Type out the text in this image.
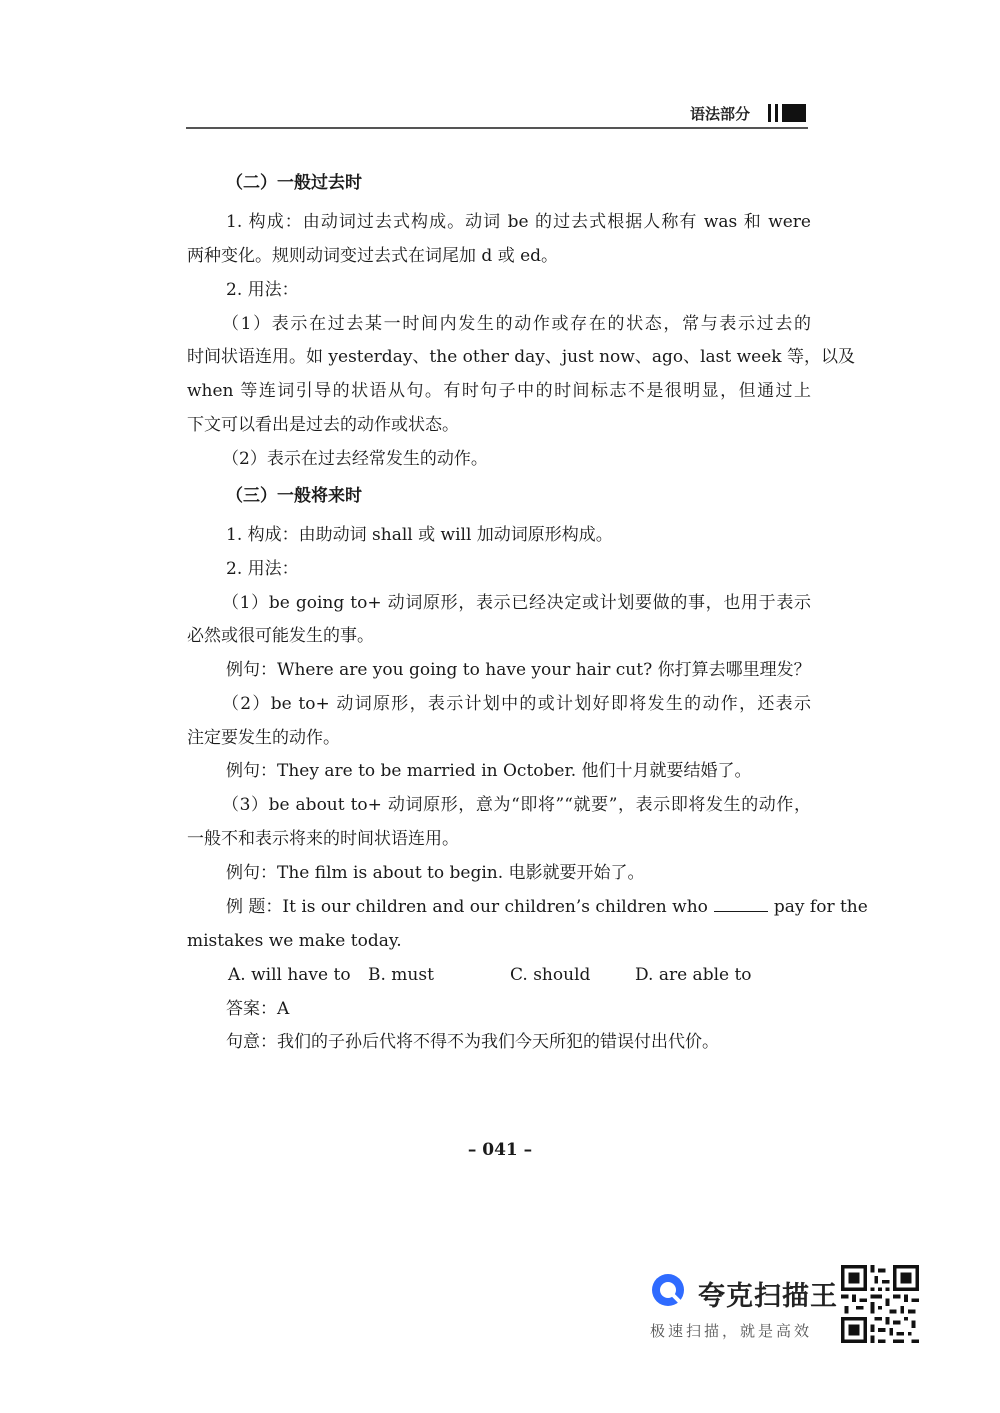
语法部分
（二）一般过去时
1. 构成：由动词过去式构成。动词 be 的过去式根据人称有 was 和 were
两种变化。规则动词变过去式在词尾加 d 或 ed。
2. 用法：
（1）表示在过去某一时间内发生的动作或存在的状态，常与表示过去的
时间状语连用。如 yesterday、the other day、just now、ago、last week 等，以及
when 等连词引导的状语从句。有时句子中的时间标志不是很明显，但通过上
下文可以看出是过去的动作或状态。
（2）表示在过去经常发生的动作。
（三）一般将来时
1. 构成：由助动词 shall 或 will 加动词原形构成。
2. 用法：
（1）be going to+ 动词原形，表示已经决定或计划要做的事，也用于表示
必然或很可能发生的事。
例句：Where are you going to have your hair cut? 你打算去哪里理发？
（2）be to+ 动词原形，表示计划中的或计划好即将发生的动作，还表示
注定要发生的动作。
例句：They are to be married in October. 他们十月就要结婚了。
（3）be about to+ 动词原形，意为“即将”“就要”，表示即将发生的动作，
一般不和表示将来的时间状语连用。
例句：The film is about to begin. 电影就要开始了。
例 题：It is our children and our children’s children who	pay for the
mistakes we make today.
A. will have to B. must	C. should	D. are able to
答案：A
句意：我们的子孙后代将不得不为我们今天所犯的错误付出代价。
– 041 –
夸克扫描王
极速扫描，就是高效
